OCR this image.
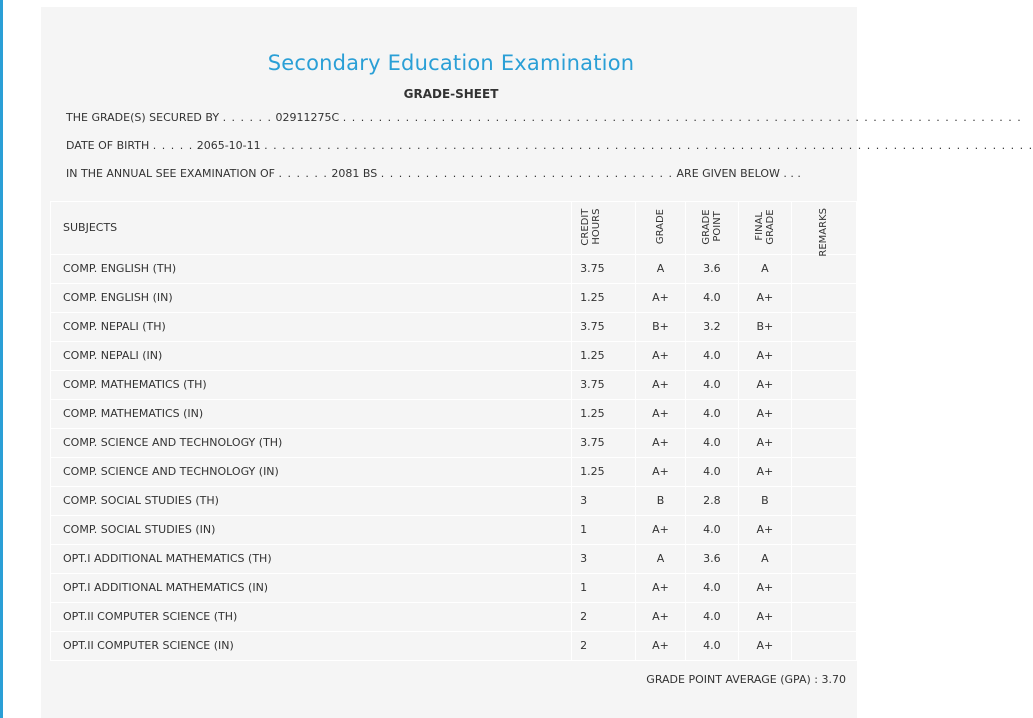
Secondary Education Examination
GRADE-SHEET
THE GRADE(S) SECURED BY . . . . . . 02911275C . . . . . . . . . . . . . . . . . . . . . . . . . . . . . . . . . . . . . . . . . . . . . . . . . . . . . . . . . . . . . . . . . . . . . . . . . . . .
DATE OF BIRTH . . . . . 2065-10-11 . . . . . . . . . . . . . . . . . . . . . . . . . . . . . . . . . . . . . . . . . . . . . . . . . . . . . . . . . . . . . . . . . . . . . . . . . . . . . . . . . . . . . .
IN THE ANNUAL SEE EXAMINATION OF . . . . . . 2081 BS . . . . . . . . . . . . . . . . . . . . . . . . . . . . . . . . . ARE GIVEN BELOW . . .
SUBJECTS	CREDIT HOURS	GRADE	GRADE POINT	FINAL GRADE	REMARKS
COMP. ENGLISH (TH)	3.75	A	3.6	A	
COMP. ENGLISH (IN)	1.25	A+	4.0	A+	
COMP. NEPALI (TH)	3.75	B+	3.2	B+	
COMP. NEPALI (IN)	1.25	A+	4.0	A+	
COMP. MATHEMATICS (TH)	3.75	A+	4.0	A+	
COMP. MATHEMATICS (IN)	1.25	A+	4.0	A+	
COMP. SCIENCE AND TECHNOLOGY (TH)	3.75	A+	4.0	A+	
COMP. SCIENCE AND TECHNOLOGY (IN)	1.25	A+	4.0	A+	
COMP. SOCIAL STUDIES (TH)	3	B	2.8	B	
COMP. SOCIAL STUDIES (IN)	1	A+	4.0	A+	
OPT.I ADDITIONAL MATHEMATICS (TH)	3	A	3.6	A	
OPT.I ADDITIONAL MATHEMATICS (IN)	1	A+	4.0	A+	
OPT.II COMPUTER SCIENCE (TH)	2	A+	4.0	A+	
OPT.II COMPUTER SCIENCE (IN)	2	A+	4.0	A+	
GRADE POINT AVERAGE (GPA) : 3.70
